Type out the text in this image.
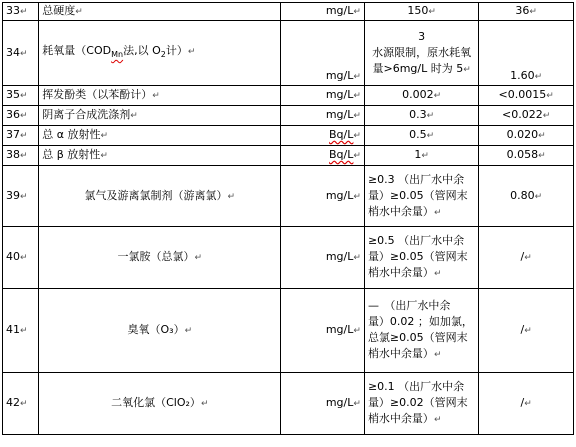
33↵	总硬度↵	mg/L↵	150↵	36↵
34↵	耗氧量（$COD_{Mn}$法,以 $O_2$计）↵	mg/L↵	3
水源限制，原水耗氧
量>6mg/L 时为 5↵	1.60↵
35↵	挥发酚类（以苯酚计）↵	mg/L↵	0.002↵	<0.0015↵
36↵	阴离子合成洗涤剂↵	mg/L↵	0.3↵	<0.022↵
37↵	总 α 放射性↵	Bq/L↵	0.5↵	0.020↵
38↵	总 β 放射性↵	Bq/L↵	1↵	0.058↵
39↵	氯气及游离氯制剂（游离氯）↵	mg/L↵	≥0.3 （出厂水中余
量）≥0.05（管网末
梢水中余量）↵	0.80↵
40↵	一氯胺（总氯）↵	mg/L↵	≥0.5 （出厂水中余
量）≥0.05（管网末
梢水中余量）↵	/↵
41↵	臭氧（O₃）↵	mg/L↵	—　（出厂水中余
量）0.02 ；如加氯，
总氯≥0.05（管网末
梢水中余量）↵	/↵
42↵	二氧化氯（ClO₂）↵	mg/L↵	≥0.1 （出厂水中余
量）≥0.02（管网末
梢水中余量）↵	/↵
